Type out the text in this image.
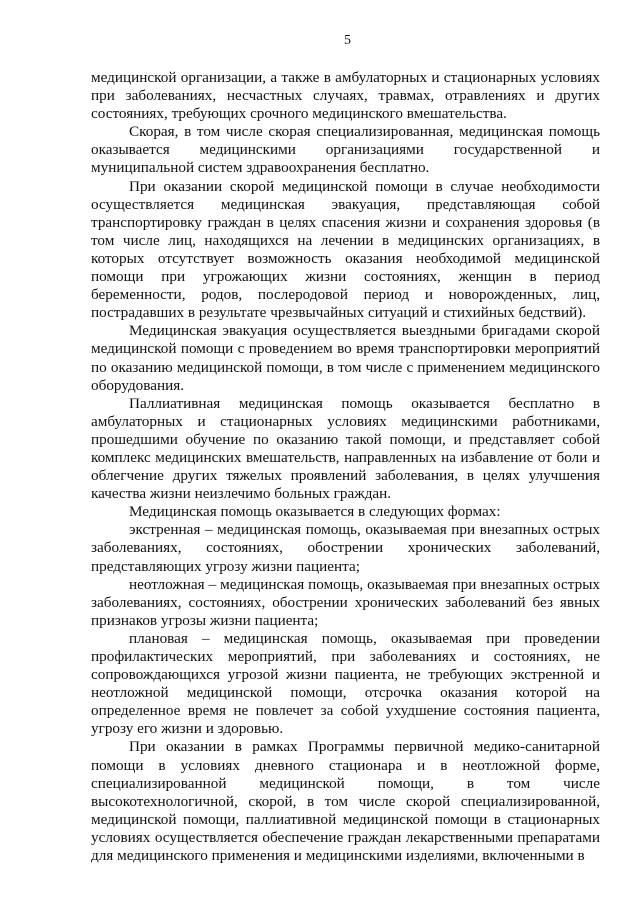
5

медицинской организации, а также в амбулаторных и стационарных условиях при заболеваниях, несчастных случаях, травмах, отравлениях и других состояниях, требующих срочного медицинского вмешательства.

Скорая, в том числе скорая специализированная, медицинская помощь оказывается медицинскими организациями государственной и муниципальной систем здравоохранения бесплатно.

При оказании скорой медицинской помощи в случае необходимости осуществляется медицинская эвакуация, представляющая собой транспортировку граждан в целях спасения жизни и сохранения здоровья (в том числе лиц, находящихся на лечении в медицинских организациях, в которых отсутствует возможность оказания необходимой медицинской помощи при угрожающих жизни состояниях, женщин в период беременности, родов, послеродовой период и новорожденных, лиц, пострадавших в результате чрезвычайных ситуаций и стихийных бедствий).

Медицинская эвакуация осуществляется выездными бригадами скорой медицинской помощи с проведением во время транспортировки мероприятий по оказанию медицинской помощи, в том числе с применением медицинского оборудования.

Паллиативная медицинская помощь оказывается бесплатно в амбулаторных и стационарных условиях медицинскими работниками, прошедшими обучение по оказанию такой помощи, и представляет собой комплекс медицинских вмешательств, направленных на избавление от боли и облегчение других тяжелых проявлений заболевания, в целях улучшения качества жизни неизлечимо больных граждан.

Медицинская помощь оказывается в следующих формах:

экстренная – медицинская помощь, оказываемая при внезапных острых заболеваниях, состояниях, обострении хронических заболеваний, представляющих угрозу жизни пациента;

неотложная – медицинская помощь, оказываемая при внезапных острых заболеваниях, состояниях, обострении хронических заболеваний без явных признаков угрозы жизни пациента;

плановая – медицинская помощь, оказываемая при проведении профилактических мероприятий, при заболеваниях и состояниях, не сопровождающихся угрозой жизни пациента, не требующих экстренной и неотложной медицинской помощи, отсрочка оказания которой на определенное время не повлечет за собой ухудшение состояния пациента, угрозу его жизни и здоровью.

При оказании в рамках Программы первичной медико-санитарной помощи в условиях дневного стационара и в неотложной форме, специализированной медицинской помощи, в том числе высокотехнологичной, скорой, в том числе скорой специализированной, медицинской помощи, паллиативной медицинской помощи в стационарных условиях осуществляется обеспечение граждан лекарственными препаратами для медицинского применения и медицинскими изделиями, включенными в
